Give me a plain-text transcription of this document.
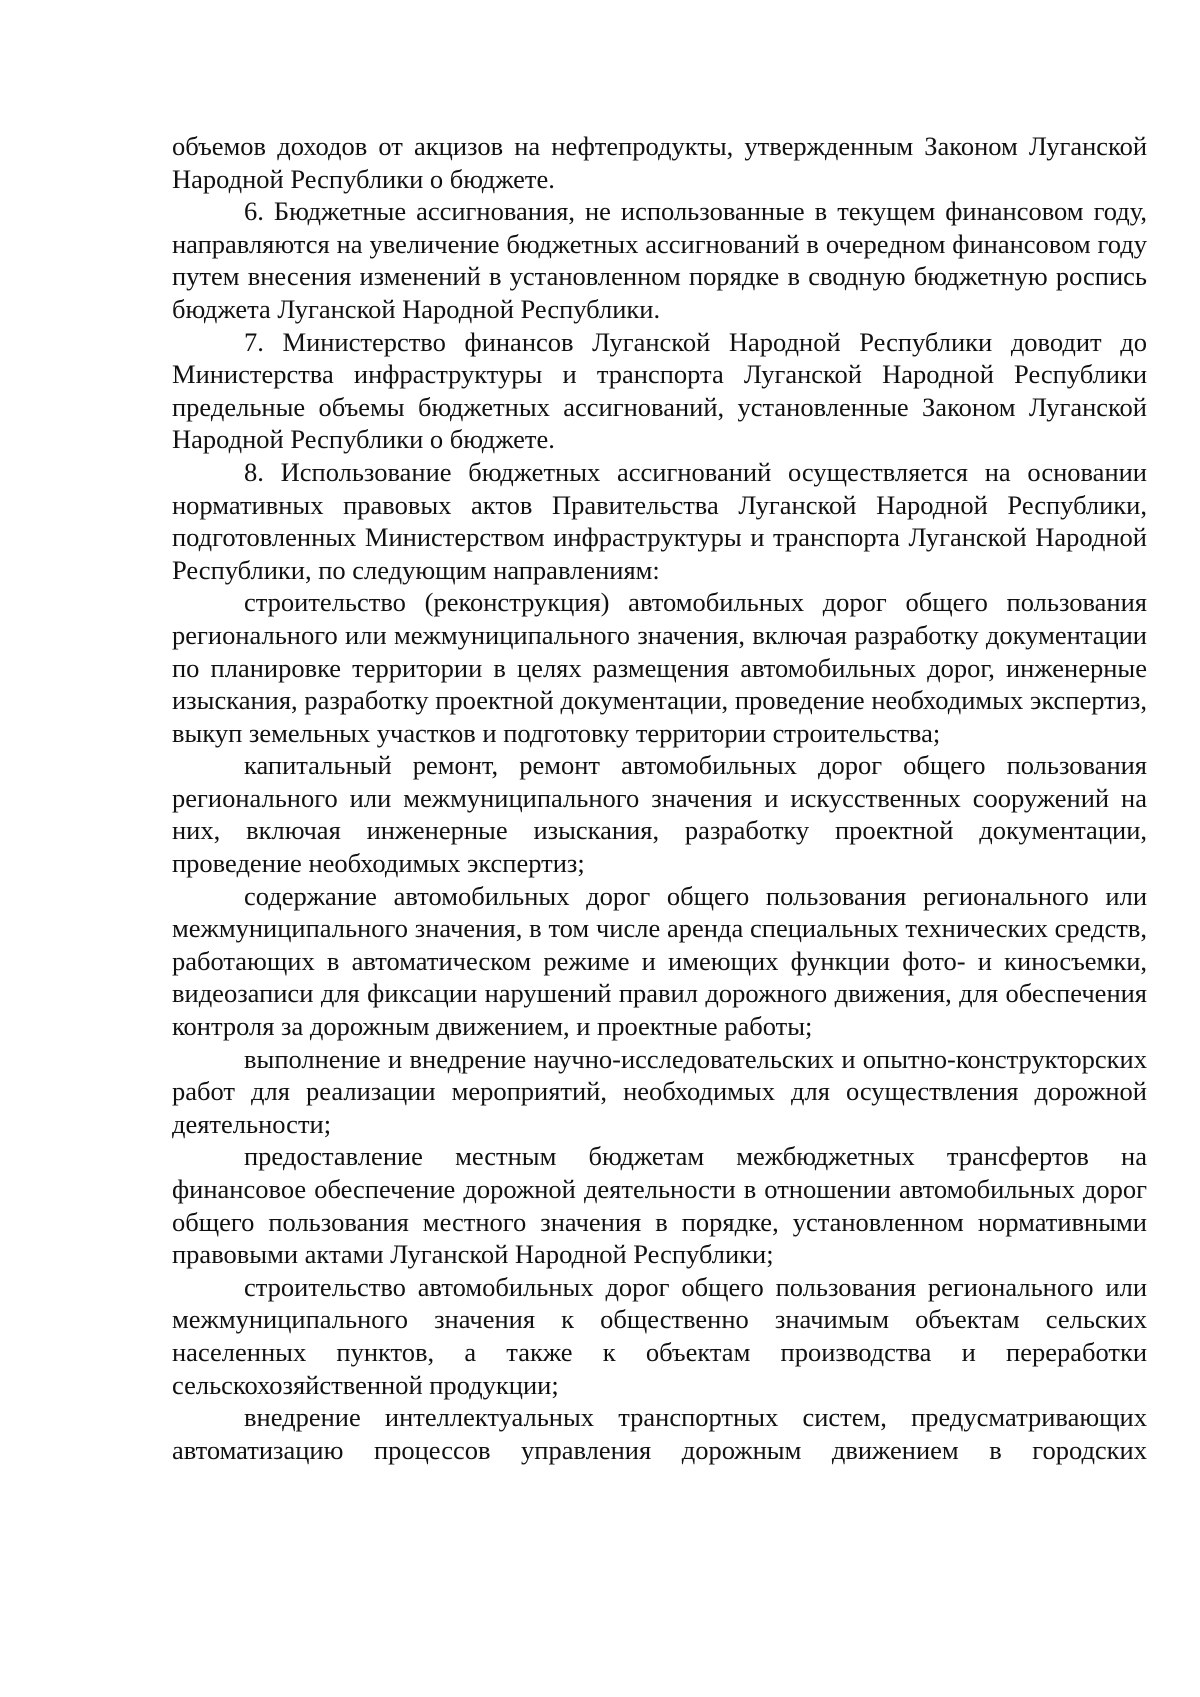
объемов доходов от акцизов на нефтепродукты, утвержденным Законом Луганской Народной Республики о бюджете.

6. Бюджетные ассигнования, не использованные в текущем финансовом году, направляются на увеличение бюджетных ассигнований в очередном финансовом году путем внесения изменений в установленном порядке в сводную бюджетную роспись бюджета Луганской Народной Республики.

7. Министерство финансов Луганской Народной Республики доводит до Министерства инфраструктуры и транспорта Луганской Народной Республики предельные объемы бюджетных ассигнований, установленные Законом Луганской Народной Республики о бюджете.

8. Использование бюджетных ассигнований осуществляется на основании нормативных правовых актов Правительства Луганской Народной Республики, подготовленных Министерством инфраструктуры и транспорта Луганской Народной Республики, по следующим направлениям:

строительство (реконструкция) автомобильных дорог общего пользования регионального или межмуниципального значения, включая разработку документации по планировке территории в целях размещения автомобильных дорог, инженерные изыскания, разработку проектной документации, проведение необходимых экспертиз, выкуп земельных участков и подготовку территории строительства;

капитальный ремонт, ремонт автомобильных дорог общего пользования регионального или межмуниципального значения и искусственных сооружений на них, включая инженерные изыскания, разработку проектной документации, проведение необходимых экспертиз;

содержание автомобильных дорог общего пользования регионального или межмуниципального значения, в том числе аренда специальных технических средств, работающих в автоматическом режиме и имеющих функции фото- и киносъемки, видеозаписи для фиксации нарушений правил дорожного движения, для обеспечения контроля за дорожным движением, и проектные работы;

выполнение и внедрение научно-исследовательских и опытно-конструкторских работ для реализации мероприятий, необходимых для осуществления дорожной деятельности;

предоставление местным бюджетам межбюджетных трансфертов на финансовое обеспечение дорожной деятельности в отношении автомобильных дорог общего пользования местного значения в порядке, установленном нормативными правовыми актами Луганской Народной Республики;

строительство автомобильных дорог общего пользования регионального или межмуниципального значения к общественно значимым объектам сельских населенных пунктов, а также к объектам производства и переработки сельскохозяйственной продукции;

внедрение интеллектуальных транспортных систем, предусматривающих автоматизацию процессов управления дорожным движением в городских
